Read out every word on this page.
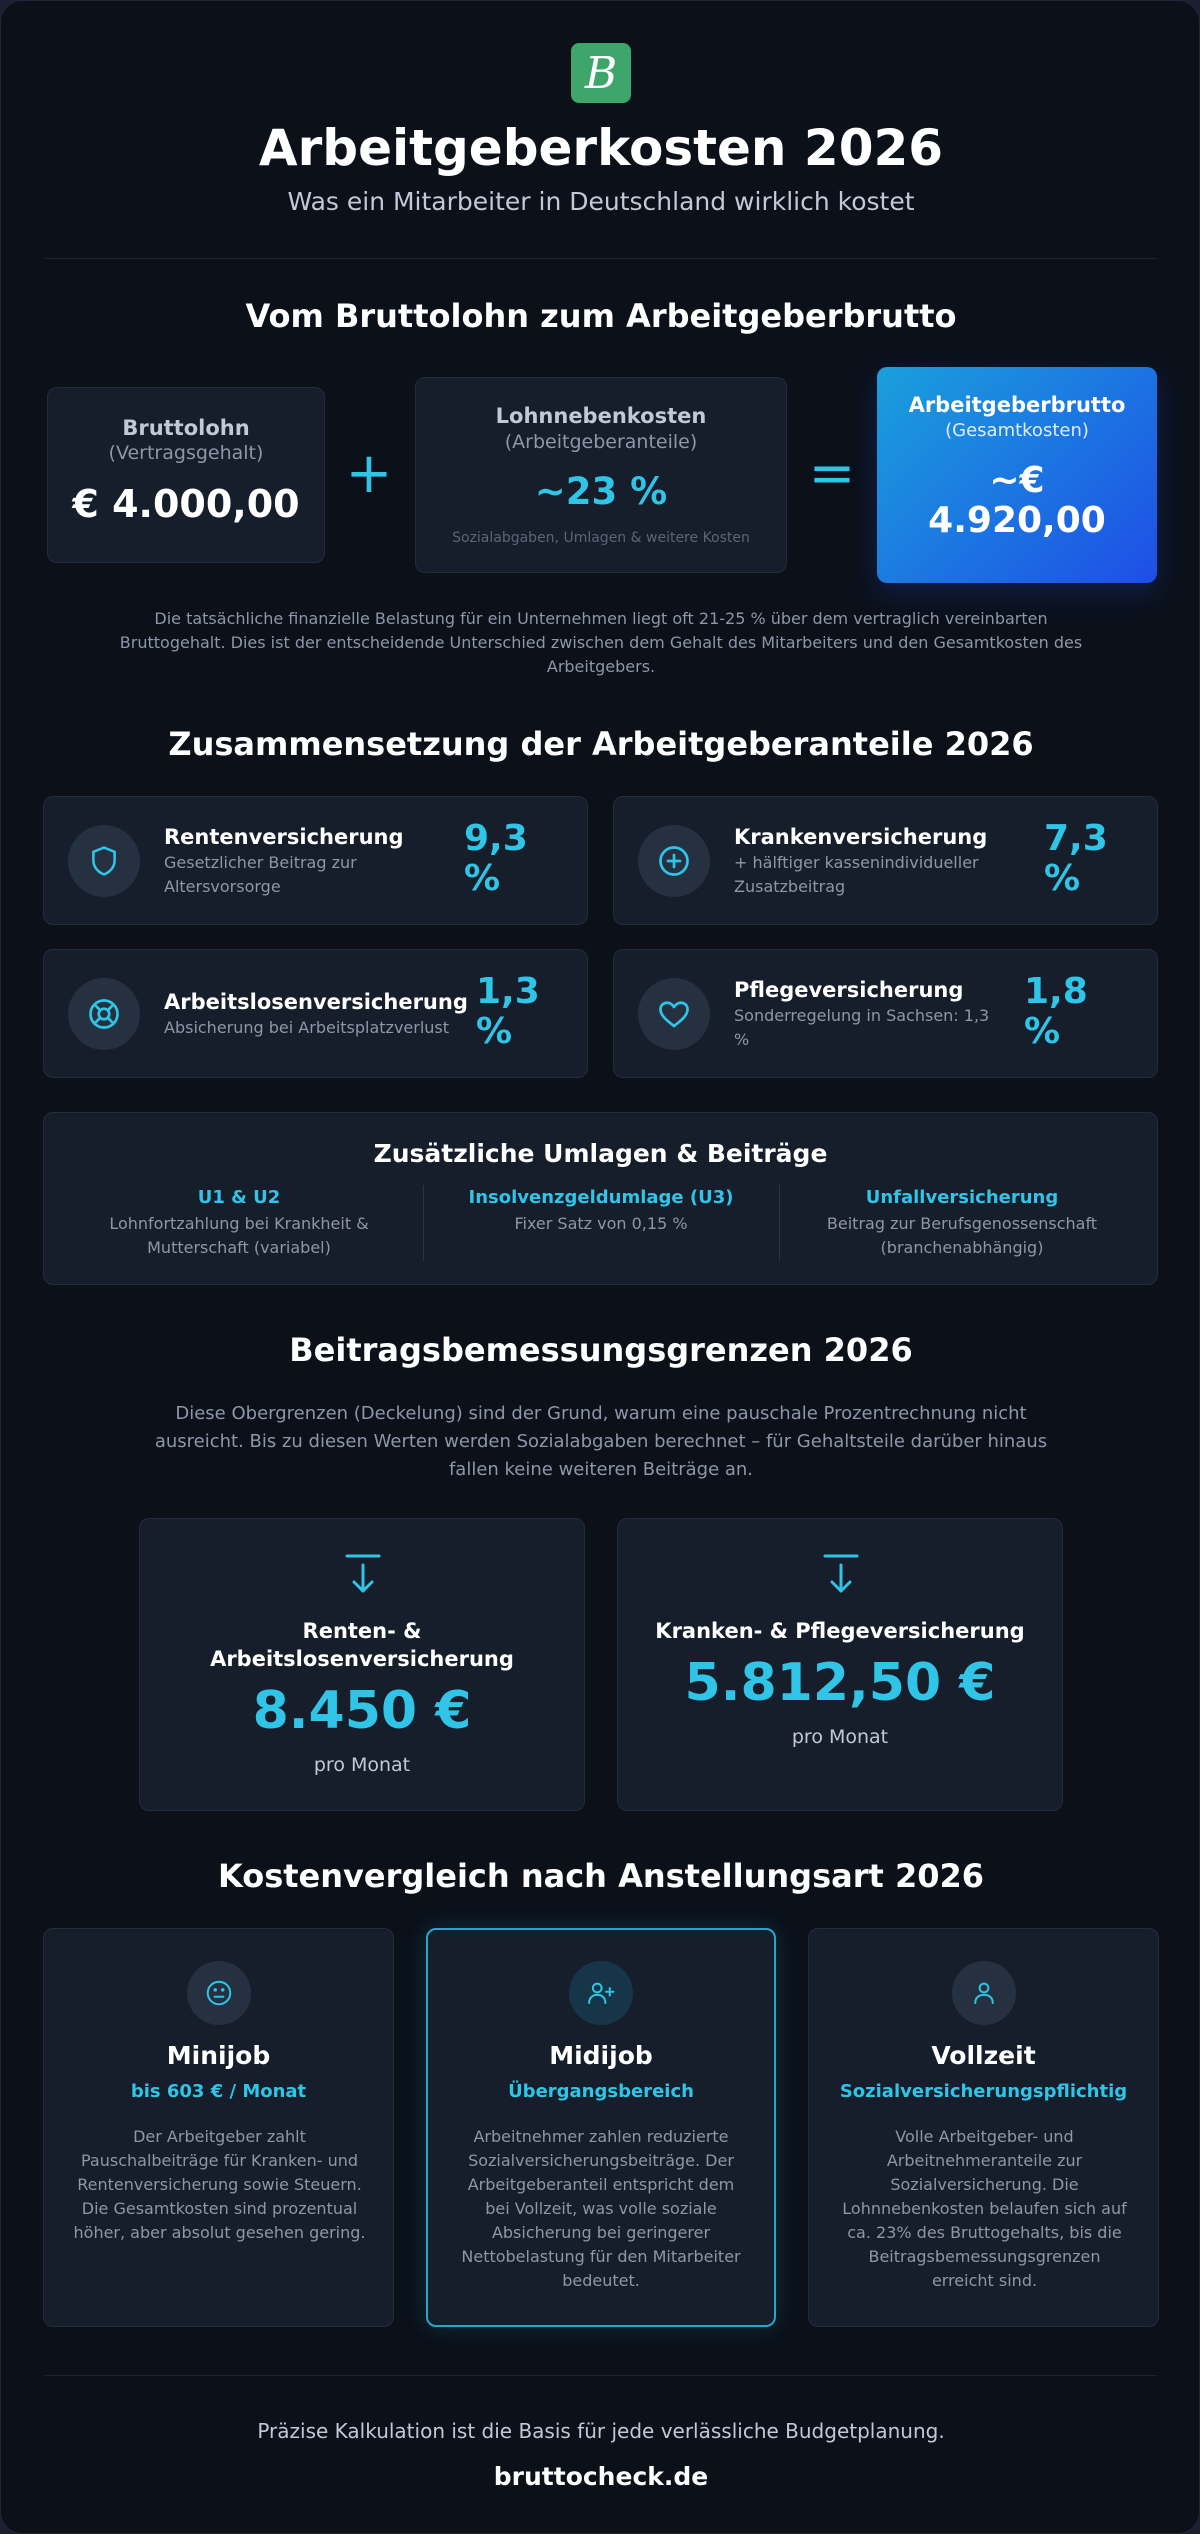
B
Arbeitgeberkosten 2026
Was ein Mitarbeiter in Deutschland wirklich kostet
Vom Bruttolohn zum Arbeitgeberbrutto
Bruttolohn
(Vertragsgehalt)
€ 4.000,00 +
Lohnnebenkosten
(Arbeitgeberanteile)
~23 %
Sozialabgaben, Umlagen & weitere Kosten
=
Arbeitgeberbrutto
(Gesamtkosten)
~€
4.920,00
Die tatsächliche finanzielle Belastung für ein Unternehmen liegt oft 21-25 % über dem vertraglich vereinbarten Bruttogehalt. Dies ist der entscheidende Unterschied zwischen dem Gehalt des Mitarbeiters und den Gesamtkosten des Arbeitgebers.
Zusammensetzung der Arbeitgeberanteile 2026
Rentenversicherung
Gesetzlicher Beitrag zur Altersvorsorge
9,3
%
Krankenversicherung
+ hälftiger kassenindividueller Zusatzbeitrag
7,3
%
Arbeitslosenversicherung
Absicherung bei Arbeitsplatzverlust
1,3
%
Pflegeversicherung
Sonderregelung in Sachsen: 1,3 %
1,8
%
Zusätzliche Umlagen & Beiträge
U1 & U2
Lohnfortzahlung bei Krankheit & Mutterschaft (variabel)
Insolvenzgeldumlage (U3)
Fixer Satz von 0,15 %
Unfallversicherung
Beitrag zur Berufsgenossenschaft (branchenabhängig)
Beitragsbemessungsgrenzen 2026
Diese Obergrenzen (Deckelung) sind der Grund, warum eine pauschale Prozentrechnung nicht ausreicht. Bis zu diesen Werten werden Sozialabgaben berechnet – für Gehaltsteile darüber hinaus fallen keine weiteren Beiträge an.
Renten- &
Arbeitslosenversicherung
8.450 €
pro Monat
Kranken- & Pflegeversicherung
5.812,50 €
pro Monat
Kostenvergleich nach Anstellungsart 2026
Minijob
bis 603 € / Monat
Der Arbeitgeber zahlt Pauschalbeiträge für Kranken- und Rentenversicherung sowie Steuern. Die Gesamtkosten sind prozentual höher, aber absolut gesehen gering.
Midijob
Übergangsbereich
Arbeitnehmer zahlen reduzierte Sozialversicherungsbeiträge. Der Arbeitgeberanteil entspricht dem bei Vollzeit, was volle soziale Absicherung bei geringerer Nettobelastung für den Mitarbeiter bedeutet.
Vollzeit
Sozialversicherungspflichtig
Volle Arbeitgeber- und Arbeitnehmeranteile zur Sozialversicherung. Die Lohnnebenkosten belaufen sich auf ca. 23% des Bruttogehalts, bis die Beitragsbemessungsgrenzen erreicht sind.
Präzise Kalkulation ist die Basis für jede verlässliche Budgetplanung.
bruttocheck.de
